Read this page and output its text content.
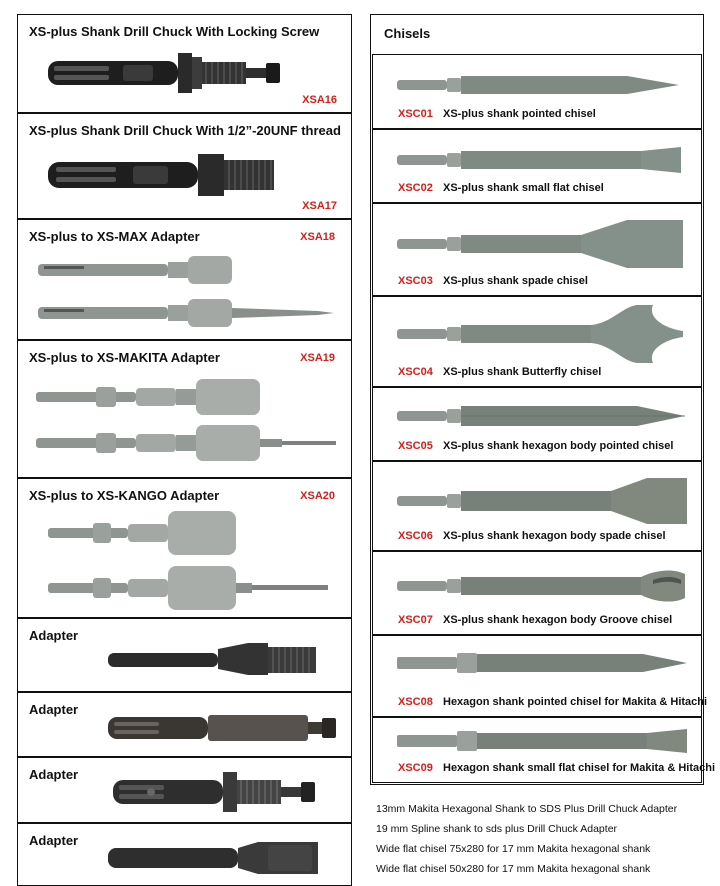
XS-plus Shank Drill Chuck With Locking Screw
XSA16
XS-plus Shank Drill Chuck With 1/2”-20UNF thread
XSA17
XS-plus to XS-MAX Adapter	XSA18
XS-plus to XS-MAKITA Adapter	XSA19
XS-plus to XS-KANGO Adapter	XSA20
Adapter
Adapter
Adapter
Adapter
Chisels
XSC01 XS-plus shank pointed chisel
XSC02 XS-plus shank small flat chisel
XSC03 XS-plus shank spade chisel
XSC04 XS-plus shank Butterfly chisel
XSC05 XS-plus shank hexagon body pointed chisel
XSC06 XS-plus shank hexagon body spade chisel
XSC07 XS-plus shank hexagon body Groove chisel
XSC08 Hexagon shank pointed chisel for Makita & Hitachi
XSC09 Hexagon shank small flat chisel for Makita & Hitachi
13mm Makita Hexagonal Shank to SDS Plus Drill Chuck Adapter
19 mm Spline shank to sds plus Drill Chuck Adapter
Wide flat chisel 75x280 for 17 mm Makita hexagonal shank
Wide flat chisel 50x280 for 17 mm Makita hexagonal shank
